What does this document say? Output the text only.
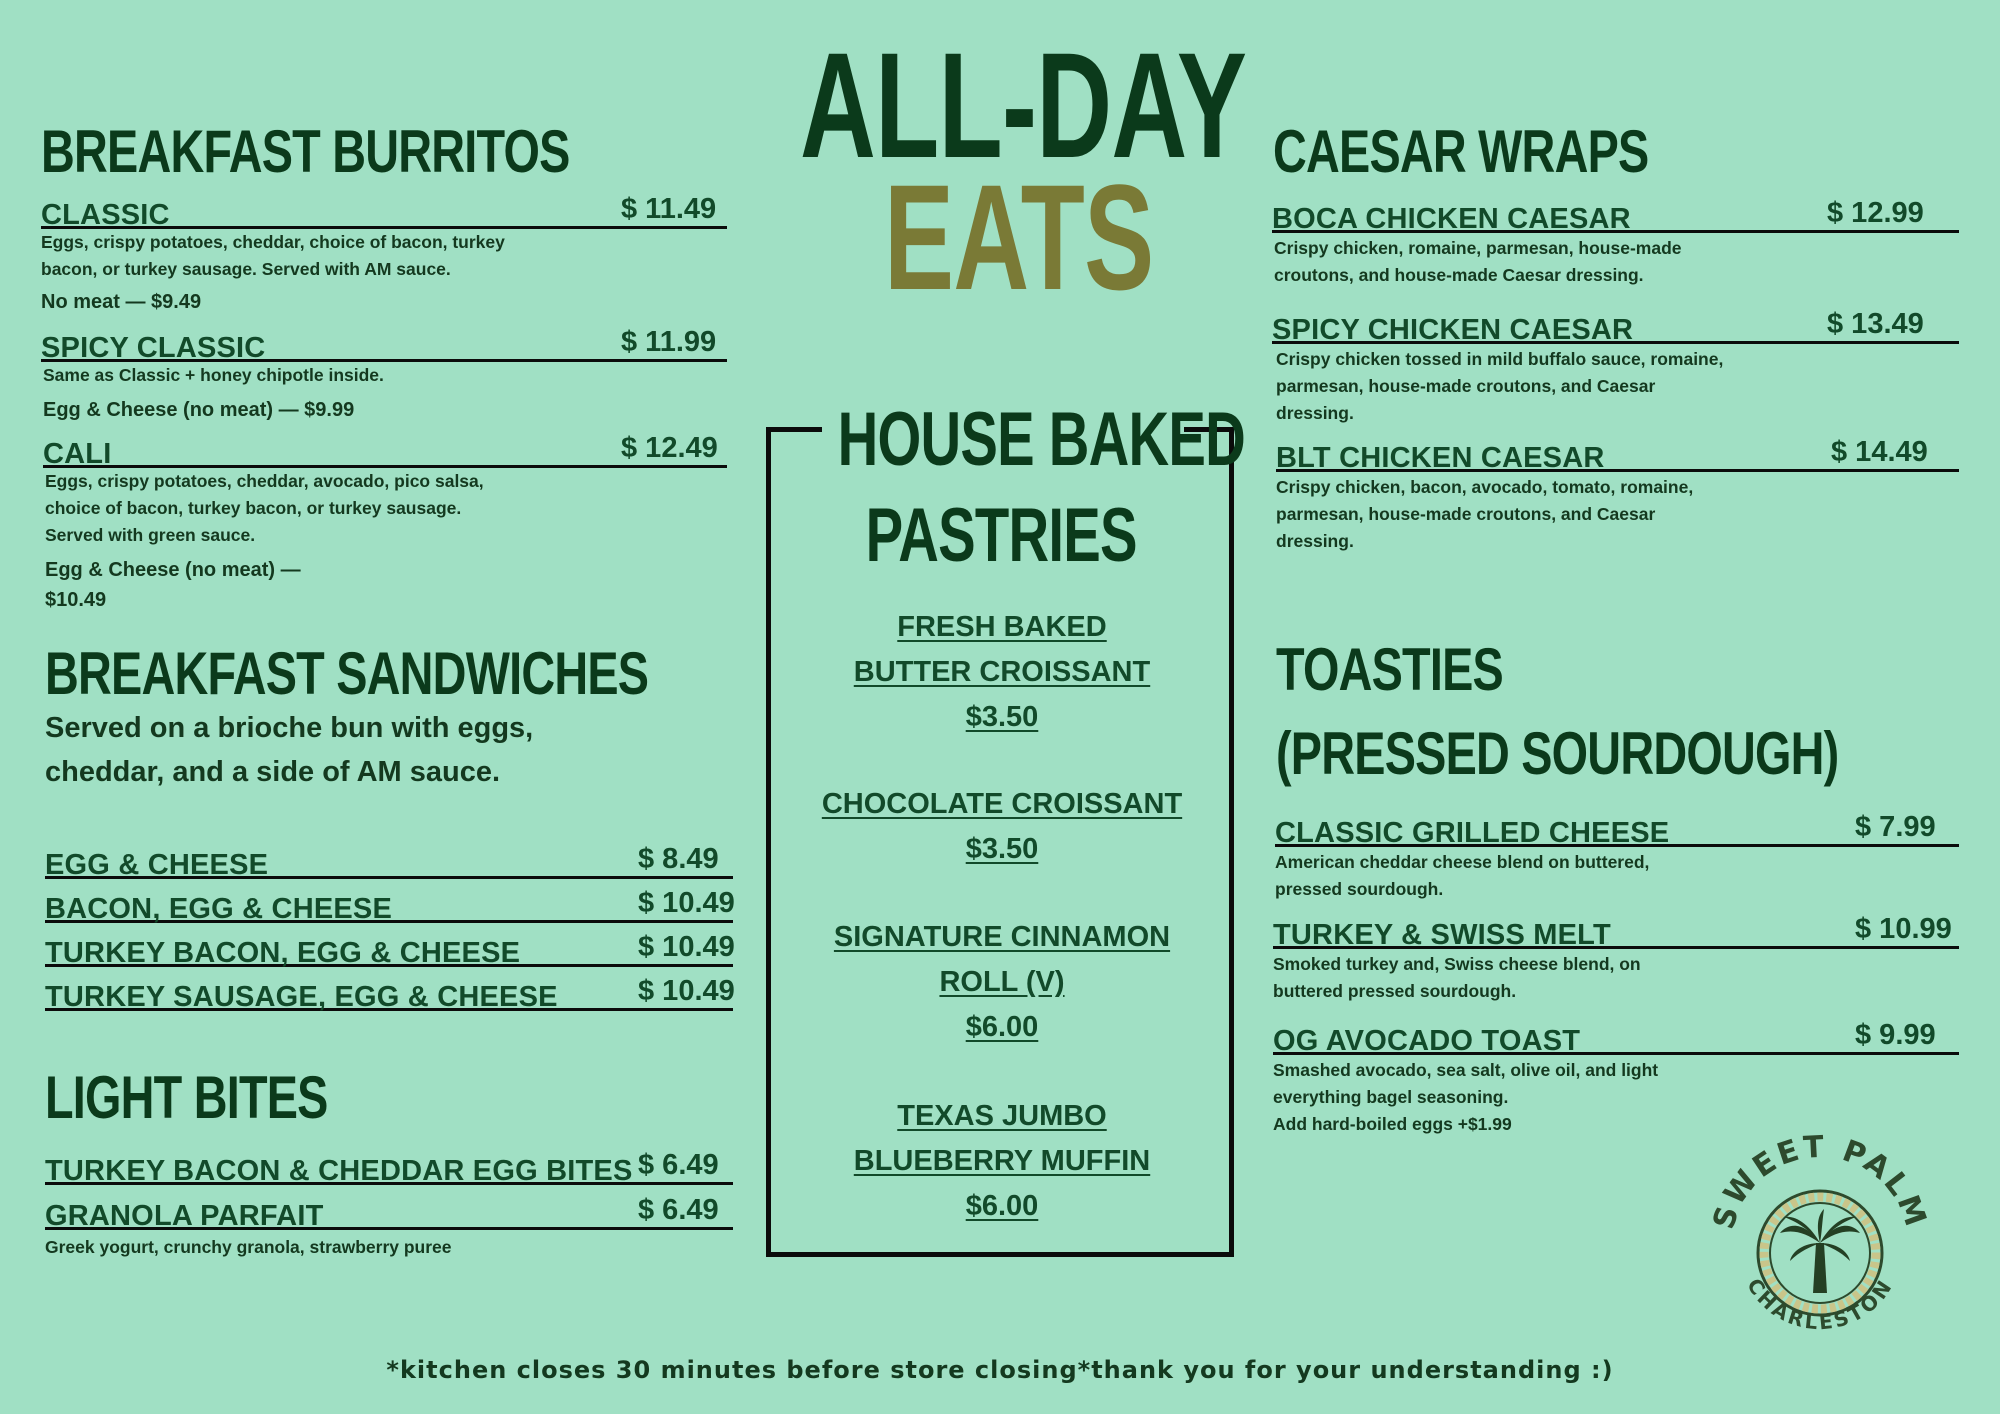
ALL-DAY
EATS
BREAKFAST BURRITOS
CLASSIC	$ 11.49
Eggs, crispy potatoes, cheddar, choice of bacon, turkey
bacon, or turkey sausage. Served with AM sauce.
No meat — $9.49
SPICY CLASSIC	$ 11.99
Same as Classic + honey chipotle inside.
Egg & Cheese (no meat) — $9.99
CALI	$ 12.49
Eggs, crispy potatoes, cheddar, avocado, pico salsa,
choice of bacon, turkey bacon, or turkey sausage.
Served with green sauce.
Egg & Cheese (no meat) —
$10.49
BREAKFAST SANDWICHES
Served on a brioche bun with eggs,
cheddar, and a side of AM sauce.
EGG & CHEESE	$ 8.49
BACON, EGG & CHEESE	$ 10.49
TURKEY BACON, EGG & CHEESE	$ 10.49
TURKEY SAUSAGE, EGG & CHEESE	$ 10.49
LIGHT BITES
TURKEY BACON & CHEDDAR EGG BITES $ 6.49
GRANOLA PARFAIT	$ 6.49
Greek yogurt, crunchy granola, strawberry puree
HOUSE BAKED
PASTRIES
FRESH BAKED
BUTTER CROISSANT
$3.50
CHOCOLATE CROISSANT
$3.50
SIGNATURE CINNAMON
ROLL (V)
$6.00
TEXAS JUMBO
BLUEBERRY MUFFIN
$6.00
CAESAR WRAPS
BOCA CHICKEN CAESAR	$ 12.99
Crispy chicken, romaine, parmesan, house-made
croutons, and house-made Caesar dressing.
SPICY CHICKEN CAESAR	$ 13.49
Crispy chicken tossed in mild buffalo sauce, romaine,
parmesan, house-made croutons, and Caesar
dressing.
BLT CHICKEN CAESAR	$ 14.49
Crispy chicken, bacon, avocado, tomato, romaine,
parmesan, house-made croutons, and Caesar
dressing.
TOASTIES
(PRESSED SOURDOUGH)
CLASSIC GRILLED CHEESE	$ 7.99
American cheddar cheese blend on buttered,
pressed sourdough.
TURKEY & SWISS MELT	$ 10.99
Smoked turkey and, Swiss cheese blend, on
buttered pressed sourdough.
OG AVOCADO TOAST	$ 9.99
Smashed avocado, sea salt, olive oil, and light
everything bagel seasoning.
Add hard-boiled eggs +$1.99
SWEET PALM
CHARLESTON
*kitchen closes 30 minutes before store closing*thank you for your understanding :)
